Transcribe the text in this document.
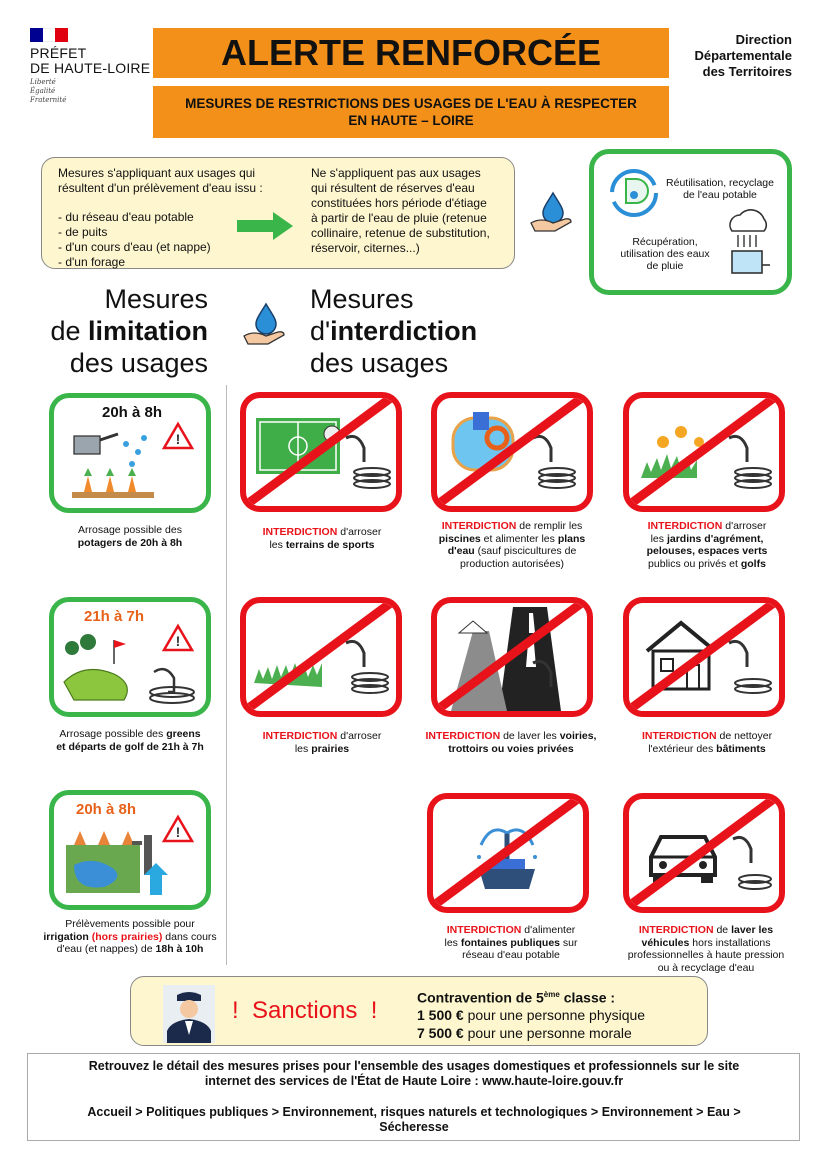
PRÉFET
DE HAUTE-LOIRE
Liberté
Égalité
Fraternité
ALERTE RENFORCÉE
MESURES DE RESTRICTIONS DES USAGES DE L'EAU À RESPECTER
EN HAUTE – LOIRE
Direction
Départementale
des Territoires
Mesures s'appliquant aux usages qui
résultent d'un prélèvement d'eau issu :
- du réseau d'eau potable
- de puits
- d'un cours d'eau (et nappe)
- d'un forage
Ne s'appliquent pas aux usages
qui résultent de réserves d'eau
constituées hors période d'étiage
à partir de l'eau de pluie (retenue
collinaire, retenue de substitution,
réservoir, citernes...)
Réutilisation, recyclage
de l'eau potable
Récupération,
utilisation des eaux
de pluie
Mesures
de limitation
des usages
Mesures
d'interdiction
des usages
20h à 8h
!
Arrosage possible des
potagers de 20h à 8h
21h à 7h
!
Arrosage possible des greens
et départs de golf de 21h à 7h
20h à 8h
!
Prélèvements possible pour
irrigation (hors prairies) dans cours
d'eau (et nappes) de 18h à 10h
INTERDICTION d'arroser
les terrains de sports
INTERDICTION de remplir les
piscines et alimenter les plans
d'eau (sauf piscicultures de
production autorisées)
INTERDICTION d'arroser
les jardins d'agrément,
pelouses, espaces verts
publics ou privés et golfs
INTERDICTION d'arroser
les prairies
INTERDICTION de laver les voiries,
trottoirs ou voies privées
INTERDICTION de nettoyer
l'extérieur des bâtiments
INTERDICTION d'alimenter
les fontaines publiques sur
réseau d'eau potable
INTERDICTION de laver les
véhicules hors installations
professionnelles à haute pression
ou à recyclage d'eau
!  Sanctions  !	Contravention de 5ème classe :
1 500 € pour une personne physique
7 500 € pour une personne morale
Retrouvez le détail des mesures prises pour l'ensemble des usages domestiques et professionnels sur le site
internet des services de l'État de Haute Loire : www.haute-loire.gouv.fr
Accueil > Politiques publiques > Environnement, risques naturels et technologiques > Environnement > Eau >
Sécheresse
